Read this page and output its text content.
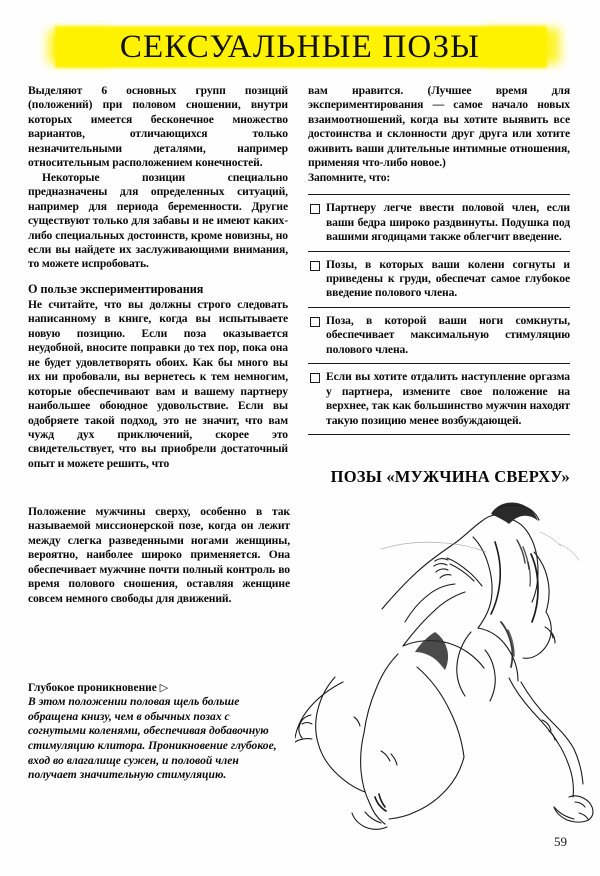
СЕКСУАЛЬНЫЕ ПОЗЫ

Выделяют 6 основных групп позиций (положений) при половом сношении, внутри которых имеется бесконечное множество вариантов, отличающихся только незначительными деталями, например относительным расположением конечностей.

Некоторые позиции специально предназначены для определенных ситуаций, например для периода беременности. Другие существуют только для забавы и не имеют каких-либо специальных достоинств, кроме новизны, но если вы найдете их заслуживающими внимания, то можете испробовать.

О пользе экспериментирования

Не считайте, что вы должны строго следовать написанному в книге, когда вы испытываете новую позицию. Если поза оказывается неудобной, вносите поправки до тех пор, пока она не будет удовлетворять обоих. Как бы много вы их ни пробовали, вы вернетесь к тем немногим, которые обеспечивают вам и вашему партнеру наибольшее обоюдное удовольствие. Если вы одобряете такой подход, это не значит, что вам чужд дух приключений, скорее это свидетельствует, что вы приобрели достаточный опыт и можете решить, что

вам нравится. (Лучшее время для экспериментирования — самое начало новых взаимоотношений, когда вы хотите выявить все достоинства и склонности друг друга или хотите оживить ваши длительные интимные отношения, применяя что-либо новое.)

Запомните, что:

Партнеру легче ввести половой член, если ваши бедра широко раздвинуты. Подушка под вашими ягодицами также облегчит введение.
Позы, в которых ваши колени согнуты и приведены к груди, обеспечат самое глубокое введение полового члена.
Поза, в которой ваши ноги сомкнуты, обеспечивает максимальную стимуляцию полового члена.
Если вы хотите отдалить наступление оргазма у партнера, измените свое положение на верхнее, так как большинство мужчин находят такую позицию менее возбуждающей.
ПОЗЫ «МУЖЧИНА СВЕРХУ»

Положение мужчины сверху, особенно в так называемой миссионерской позе, когда он лежит между слегка разведенными ногами женщины, вероятно, наиболее широко применяется. Она обеспечивает мужчине почти полный контроль во время полового сношения, оставляя женщине совсем немного свободы для движений.

Глубокое проникновение ▷
В этом положении половая щель больше обращена книзу, чем в обычных позах с согнутыми коленями, обеспечивая добавочную стимуляцию клитора. Проникновение глубокое, вход во влагалище сужен, и половой член получает значительную стимуляцию.
59
